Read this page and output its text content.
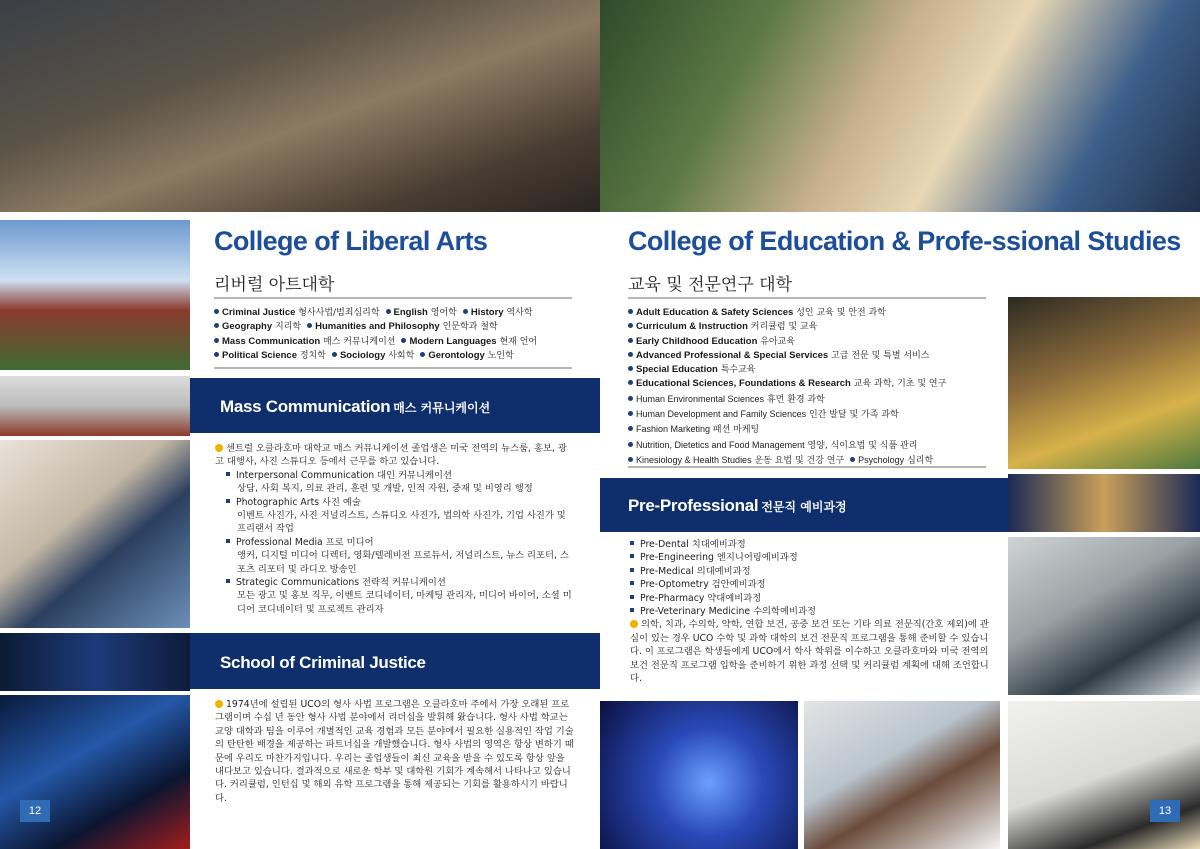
College of Liberal Arts
리버럴 아트대학
Criminal Justice 형사사법/범죄심리학 English 영어학 History 역사학
Geography 지리학 Humanities and Philosophy 인문학과 철학
Mass Communication 매스 커뮤니케이션 Modern Languages 현재 언어
Political Science 정치학 Sociology 사회학 Gerontology 노인학
Mass Communication 매스 커뮤니케이션
센트럴 오클라호마 대학교 매스 커뮤니케이션 졸업생은 미국 전역의 뉴스룸, 홍보, 광고 대행사, 사진 스튜디오 등에서 근무를 하고 있습니다.
Interpersonal Communication 대인 커뮤니케이션
상담, 사회 복지, 의료 관리, 훈련 및 개발, 인적 자원, 중재 및 비영리 행정
Photographic Arts 사진 예술
이벤트 사진가, 사진 저널리스트, 스튜디오 사진가, 법의학 사진가, 기업 사진가 및 프리랜서 작업
Professional Media 프로 미디어
앵커, 디지털 미디어 디렉터, 영화/텔레비전 프로듀서, 저널리스트, 뉴스 리포터, 스포츠 리포터 및 라디오 방송인
Strategic Communications 전략적 커뮤니케이션
모든 광고 및 홍보 직무, 이벤트 코디네이터, 마케팅 관리자, 미디어 바이어, 소셜 미디어 코디네이터 및 프로젝트 관리자
School of Criminal Justice
1974년에 설립된 UCO의 형사 사법 프로그램은 오클라호마 주에서 가장 오래된 프로그램이며 수십 년 동안 형사 사법 분야에서 리더십을 발휘해 왔습니다. 형사 사법 학교는 교양 대학과 팀을 이루어 개별적인 교육 경험과 모든 분야에서 필요한 실용적인 작업 기술의 탄탄한 배경을 제공하는 파트너십을 개발했습니다. 형사 사법의 영역은 항상 변하기 때문에 우리도 마찬가지입니다. 우리는 졸업생들이 최신 교육을 받을 수 있도록 항상 앞을 내다보고 있습니다. 결과적으로 새로운 학부 및 대학원 기회가 계속해서 나타나고 있습니다. 커리큘럼, 인턴십 및 해외 유학 프로그램을 통해 제공되는 기회를 활용하시기 바랍니다.
12
College of Education & Profe-ssional Studies
교육 및 전문연구 대학
Adult Education & Safety Sciences 성인 교육 및 안전 과학
Curriculum & Instruction 커리큘럼 및 교육
Early Childhood Education 유아교육
Advanced Professional & Special Services 고급 전문 및 특별 서비스
Special Education 특수교육
Educational Sciences, Foundations & Research 교육 과학, 기초 및 연구
Human Environmental Sciences 휴먼 환경 과학
Human Development and Family Sciences 인간 발달 및 가족 과학
Fashion Marketing 패션 마케팅
Nutrition, Dietetics and Food Management 영양, 식이요법 및 식품 관리
Kinesiology & Health Studies 운동 요법 및 건강 연구 Psychology 심리학
Pre-Professional 전문직 예비과정
Pre-Dental 치대예비과정
Pre-Engineering 엔지니어링예비과정
Pre-Medical 의대예비과정
Pre-Optometry 검안예비과정
Pre-Pharmacy 약대예비과정
Pre-Veterinary Medicine 수의학예비과정
의학, 치과, 수의학, 약학, 연합 보건, 공중 보건 또는 기타 의료 전문직(간호 제외)에 관심이 있는 경우 UCO 수학 및 과학 대학의 보건 전문직 프로그램을 통해 준비할 수 있습니다. 이 프로그램은 학생들에게 UCO에서 학사 학위를 이수하고 오클라호마와 미국 전역의 보건 전문직 프로그램 입학을 준비하기 위한 과정 선택 및 커리큘럼 계획에 대해 조언합니다.
13
